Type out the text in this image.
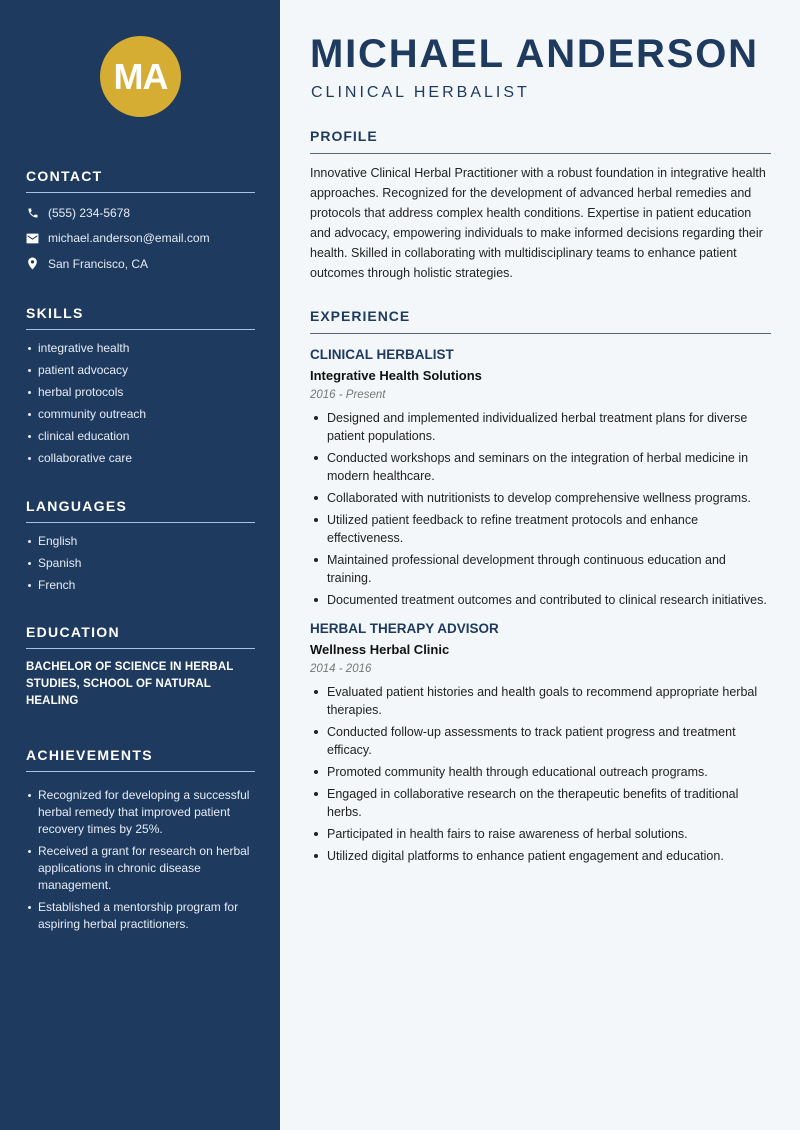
MA
CONTACT
(555) 234-5678
michael.anderson@email.com
San Francisco, CA
SKILLS
integrative health
patient advocacy
herbal protocols
community outreach
clinical education
collaborative care
LANGUAGES
English
Spanish
French
EDUCATION
BACHELOR OF SCIENCE IN HERBAL STUDIES, SCHOOL OF NATURAL HEALING
ACHIEVEMENTS
Recognized for developing a successful herbal remedy that improved patient recovery times by 25%.
Received a grant for research on herbal applications in chronic disease management.
Established a mentorship program for aspiring herbal practitioners.
MICHAEL ANDERSON
CLINICAL HERBALIST
PROFILE

Innovative Clinical Herbal Practitioner with a robust foundation in integrative health approaches. Recognized for the development of advanced herbal remedies and protocols that address complex health conditions. Expertise in patient education and advocacy, empowering individuals to make informed decisions regarding their health. Skilled in collaborating with multidisciplinary teams to enhance patient outcomes through holistic strategies.

EXPERIENCE
CLINICAL HERBALIST
Integrative Health Solutions
2016 - Present
Designed and implemented individualized herbal treatment plans for diverse patient populations.
Conducted workshops and seminars on the integration of herbal medicine in modern healthcare.
Collaborated with nutritionists to develop comprehensive wellness programs.
Utilized patient feedback to refine treatment protocols and enhance effectiveness.
Maintained professional development through continuous education and training.
Documented treatment outcomes and contributed to clinical research initiatives.
HERBAL THERAPY ADVISOR
Wellness Herbal Clinic
2014 - 2016
Evaluated patient histories and health goals to recommend appropriate herbal therapies.
Conducted follow-up assessments to track patient progress and treatment efficacy.
Promoted community health through educational outreach programs.
Engaged in collaborative research on the therapeutic benefits of traditional herbs.
Participated in health fairs to raise awareness of herbal solutions.
Utilized digital platforms to enhance patient engagement and education.
